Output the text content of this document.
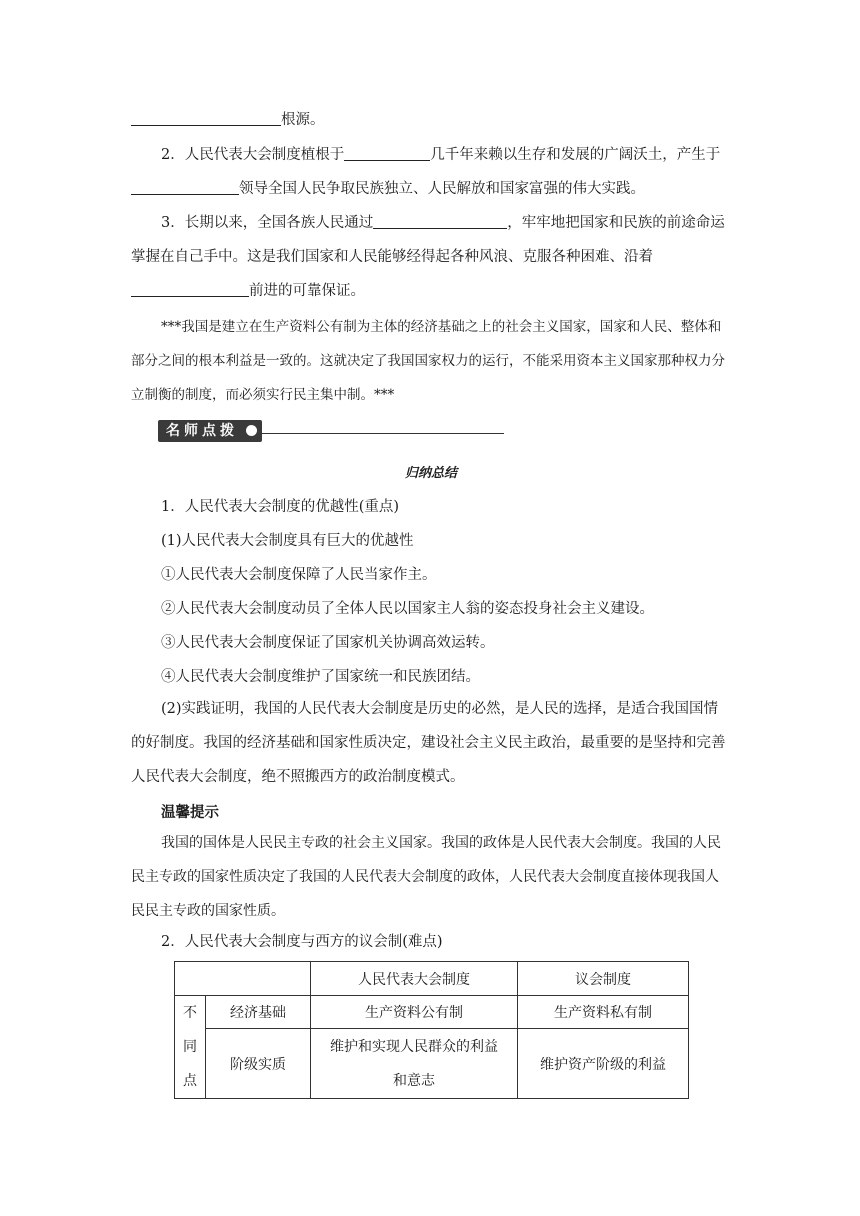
根源。

2．人民代表大会制度植根于	几千年来赖以生存和发展的广阔沃土，产生于领导全国人民争取民族独立、人民解放和国家富强的伟大实践。

3．长期以来，全国各族人民通过	，牢牢地把国家和民族的前途命运掌握在自己手中。这是我们国家和人民能够经得起各种风浪、克服各种困难、沿着前进的可靠保证。

***我国是建立在生产资料公有制为主体的经济基础之上的社会主义国家，国家和人民、整体和部分之间的根本利益是一致的。这就决定了我国国家权力的运行，不能采用资本主义国家那种权力分立制衡的制度，而必须实行民主集中制。***

名师点拨
归纳总结
1．人民代表大会制度的优越性(重点)
(1)人民代表大会制度具有巨大的优越性
①人民代表大会制度保障了人民当家作主。
②人民代表大会制度动员了全体人民以国家主人翁的姿态投身社会主义建设。
③人民代表大会制度保证了国家机关协调高效运转。
④人民代表大会制度维护了国家统一和民族团结。

(2)实践证明，我国的人民代表大会制度是历史的必然，是人民的选择，是适合我国国情的好制度。我国的经济基础和国家性质决定，建设社会主义民主政治，最重要的是坚持和完善人民代表大会制度，绝不照搬西方的政治制度模式。

温馨提示

我国的国体是人民民主专政的社会主义国家。我国的政体是人民代表大会制度。我国的人民民主专政的国家性质决定了我国的人民代表大会制度的政体，人民代表大会制度直接体现我国人民民主专政的国家性质。

2．人民代表大会制度与西方的议会制(难点)
		人民代表大会制度	议会制度
不同点	经济基础	生产资料公有制	生产资料私有制
	阶级实质	维护和实现人民群众的利益和意志	维护资产阶级的利益
